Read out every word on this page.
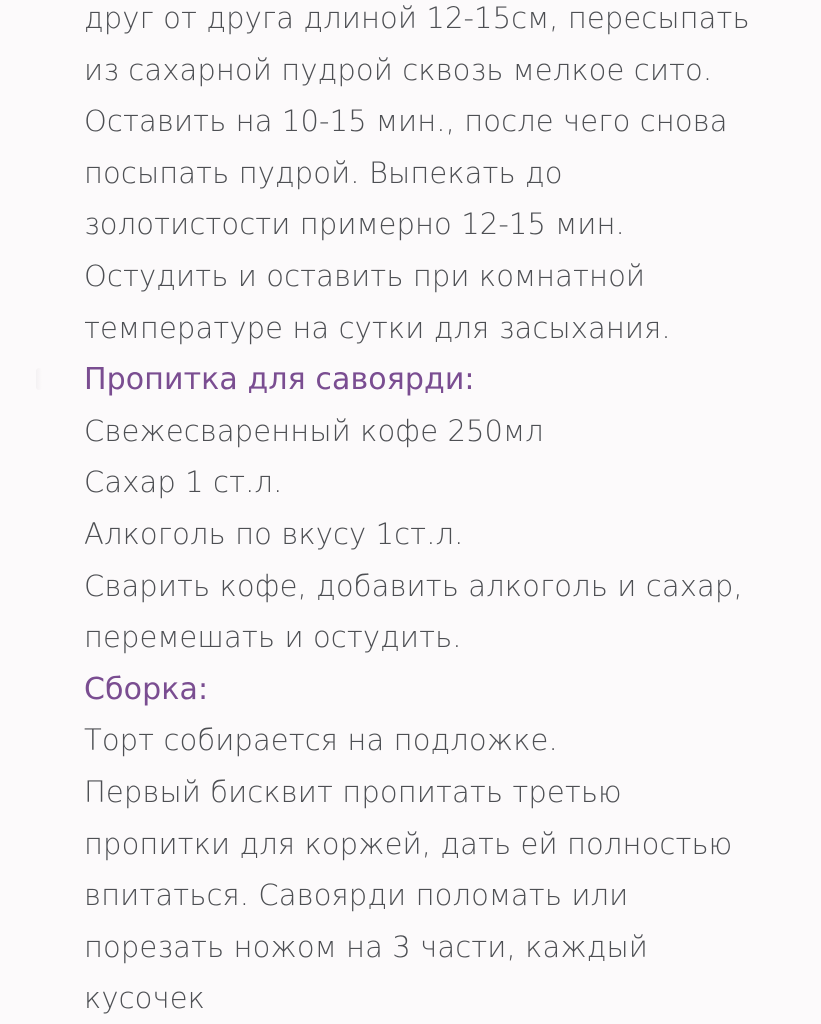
друг от друга длиной 12-15см, пересыпать
из сахарной пудрой сквозь мелкое сито.
Оставить на 10-15 мин., после чего снова
посыпать пудрой. Выпекать до
золотистости примерно 12-15 мин.
Остудить и оставить при комнатной
температуре на сутки для засыхания.
Пропитка для савоярди:
Свежесваренный кофе 250мл
Сахар 1 ст.л.
Алкоголь по вкусу 1ст.л.
Сварить кофе, добавить алкоголь и сахар,
перемешать и остудить.
Сборка:
Торт собирается на подложке.
Первый бисквит пропитать третью
пропитки для коржей, дать ей полностью
впитаться. Савоярди поломать или
порезать ножом на 3 части, каждый
кусочек
